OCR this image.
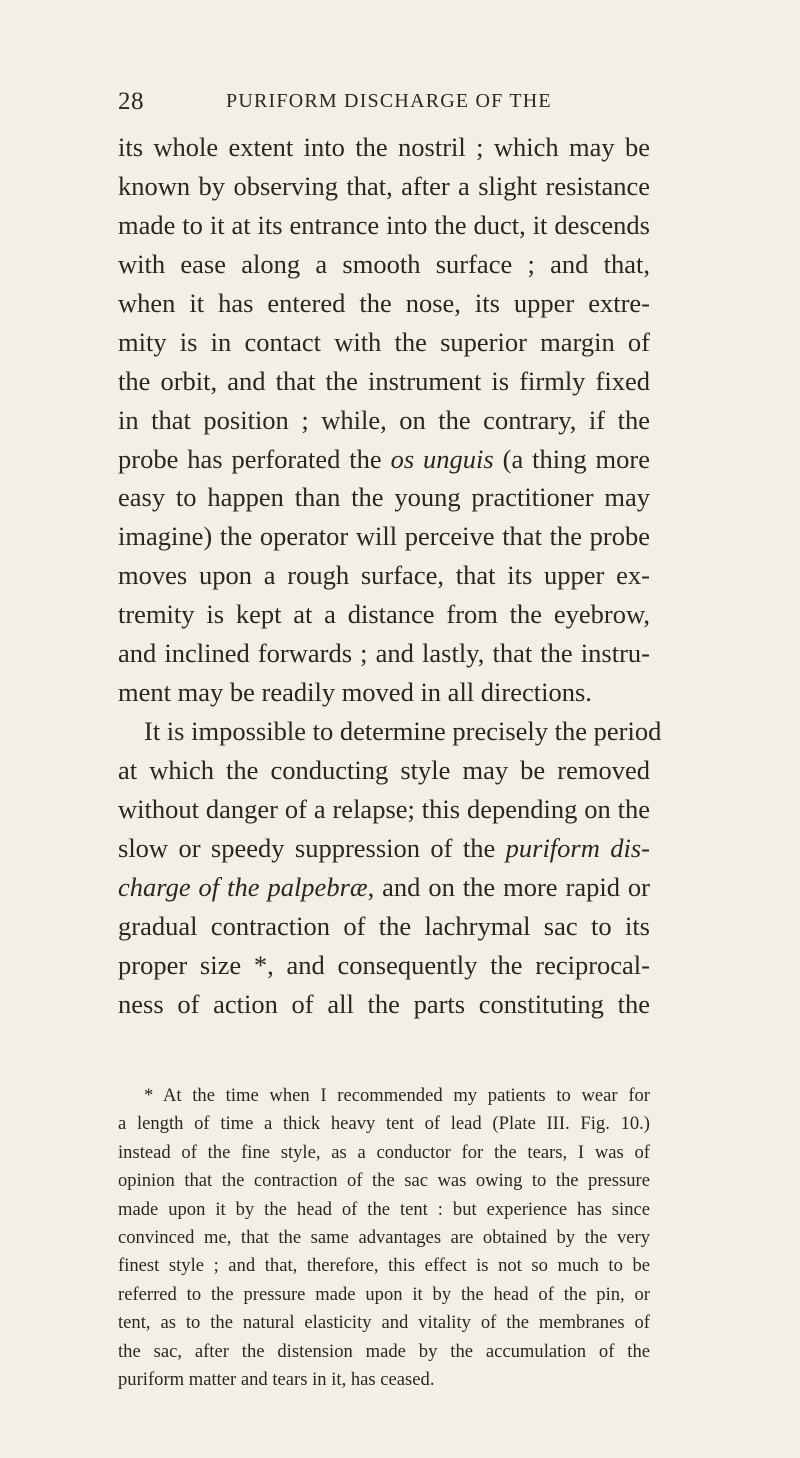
28	PURIFORM DISCHARGE OF THE
its whole extent into the nostril ; which may be
known by observing that, after a slight resistance
made to it at its entrance into the duct, it descends
with ease along a smooth surface ; and that,
when it has entered the nose, its upper extre-
mity is in contact with the superior margin of
the orbit, and that the instrument is firmly fixed
in that position ; while, on the contrary, if the
probe has perforated the os unguis (a thing more
easy to happen than the young practitioner may
imagine) the operator will perceive that the probe
moves upon a rough surface, that its upper ex-
tremity is kept at a distance from the eyebrow,
and inclined forwards ; and lastly, that the instru-
ment may be readily moved in all directions.
It is impossible to determine precisely the period
at which the conducting style may be removed
without danger of a relapse; this depending on the
slow or speedy suppression of the puriform dis-
charge of the palpebræ, and on the more rapid or
gradual contraction of the lachrymal sac to its
proper size *, and consequently the reciprocal-
ness of action of all the parts constituting the
* At the time when I recommended my patients to wear for
a length of time a thick heavy tent of lead (Plate III. Fig. 10.)
instead of the fine style, as a conductor for the tears, I was of
opinion that the contraction of the sac was owing to the pressure
made upon it by the head of the tent : but experience has since
convinced me, that the same advantages are obtained by the very
finest style ; and that, therefore, this effect is not so much to be
referred to the pressure made upon it by the head of the pin, or
tent, as to the natural elasticity and vitality of the membranes of
the sac, after the distension made by the accumulation of the
puriform matter and tears in it, has ceased.
